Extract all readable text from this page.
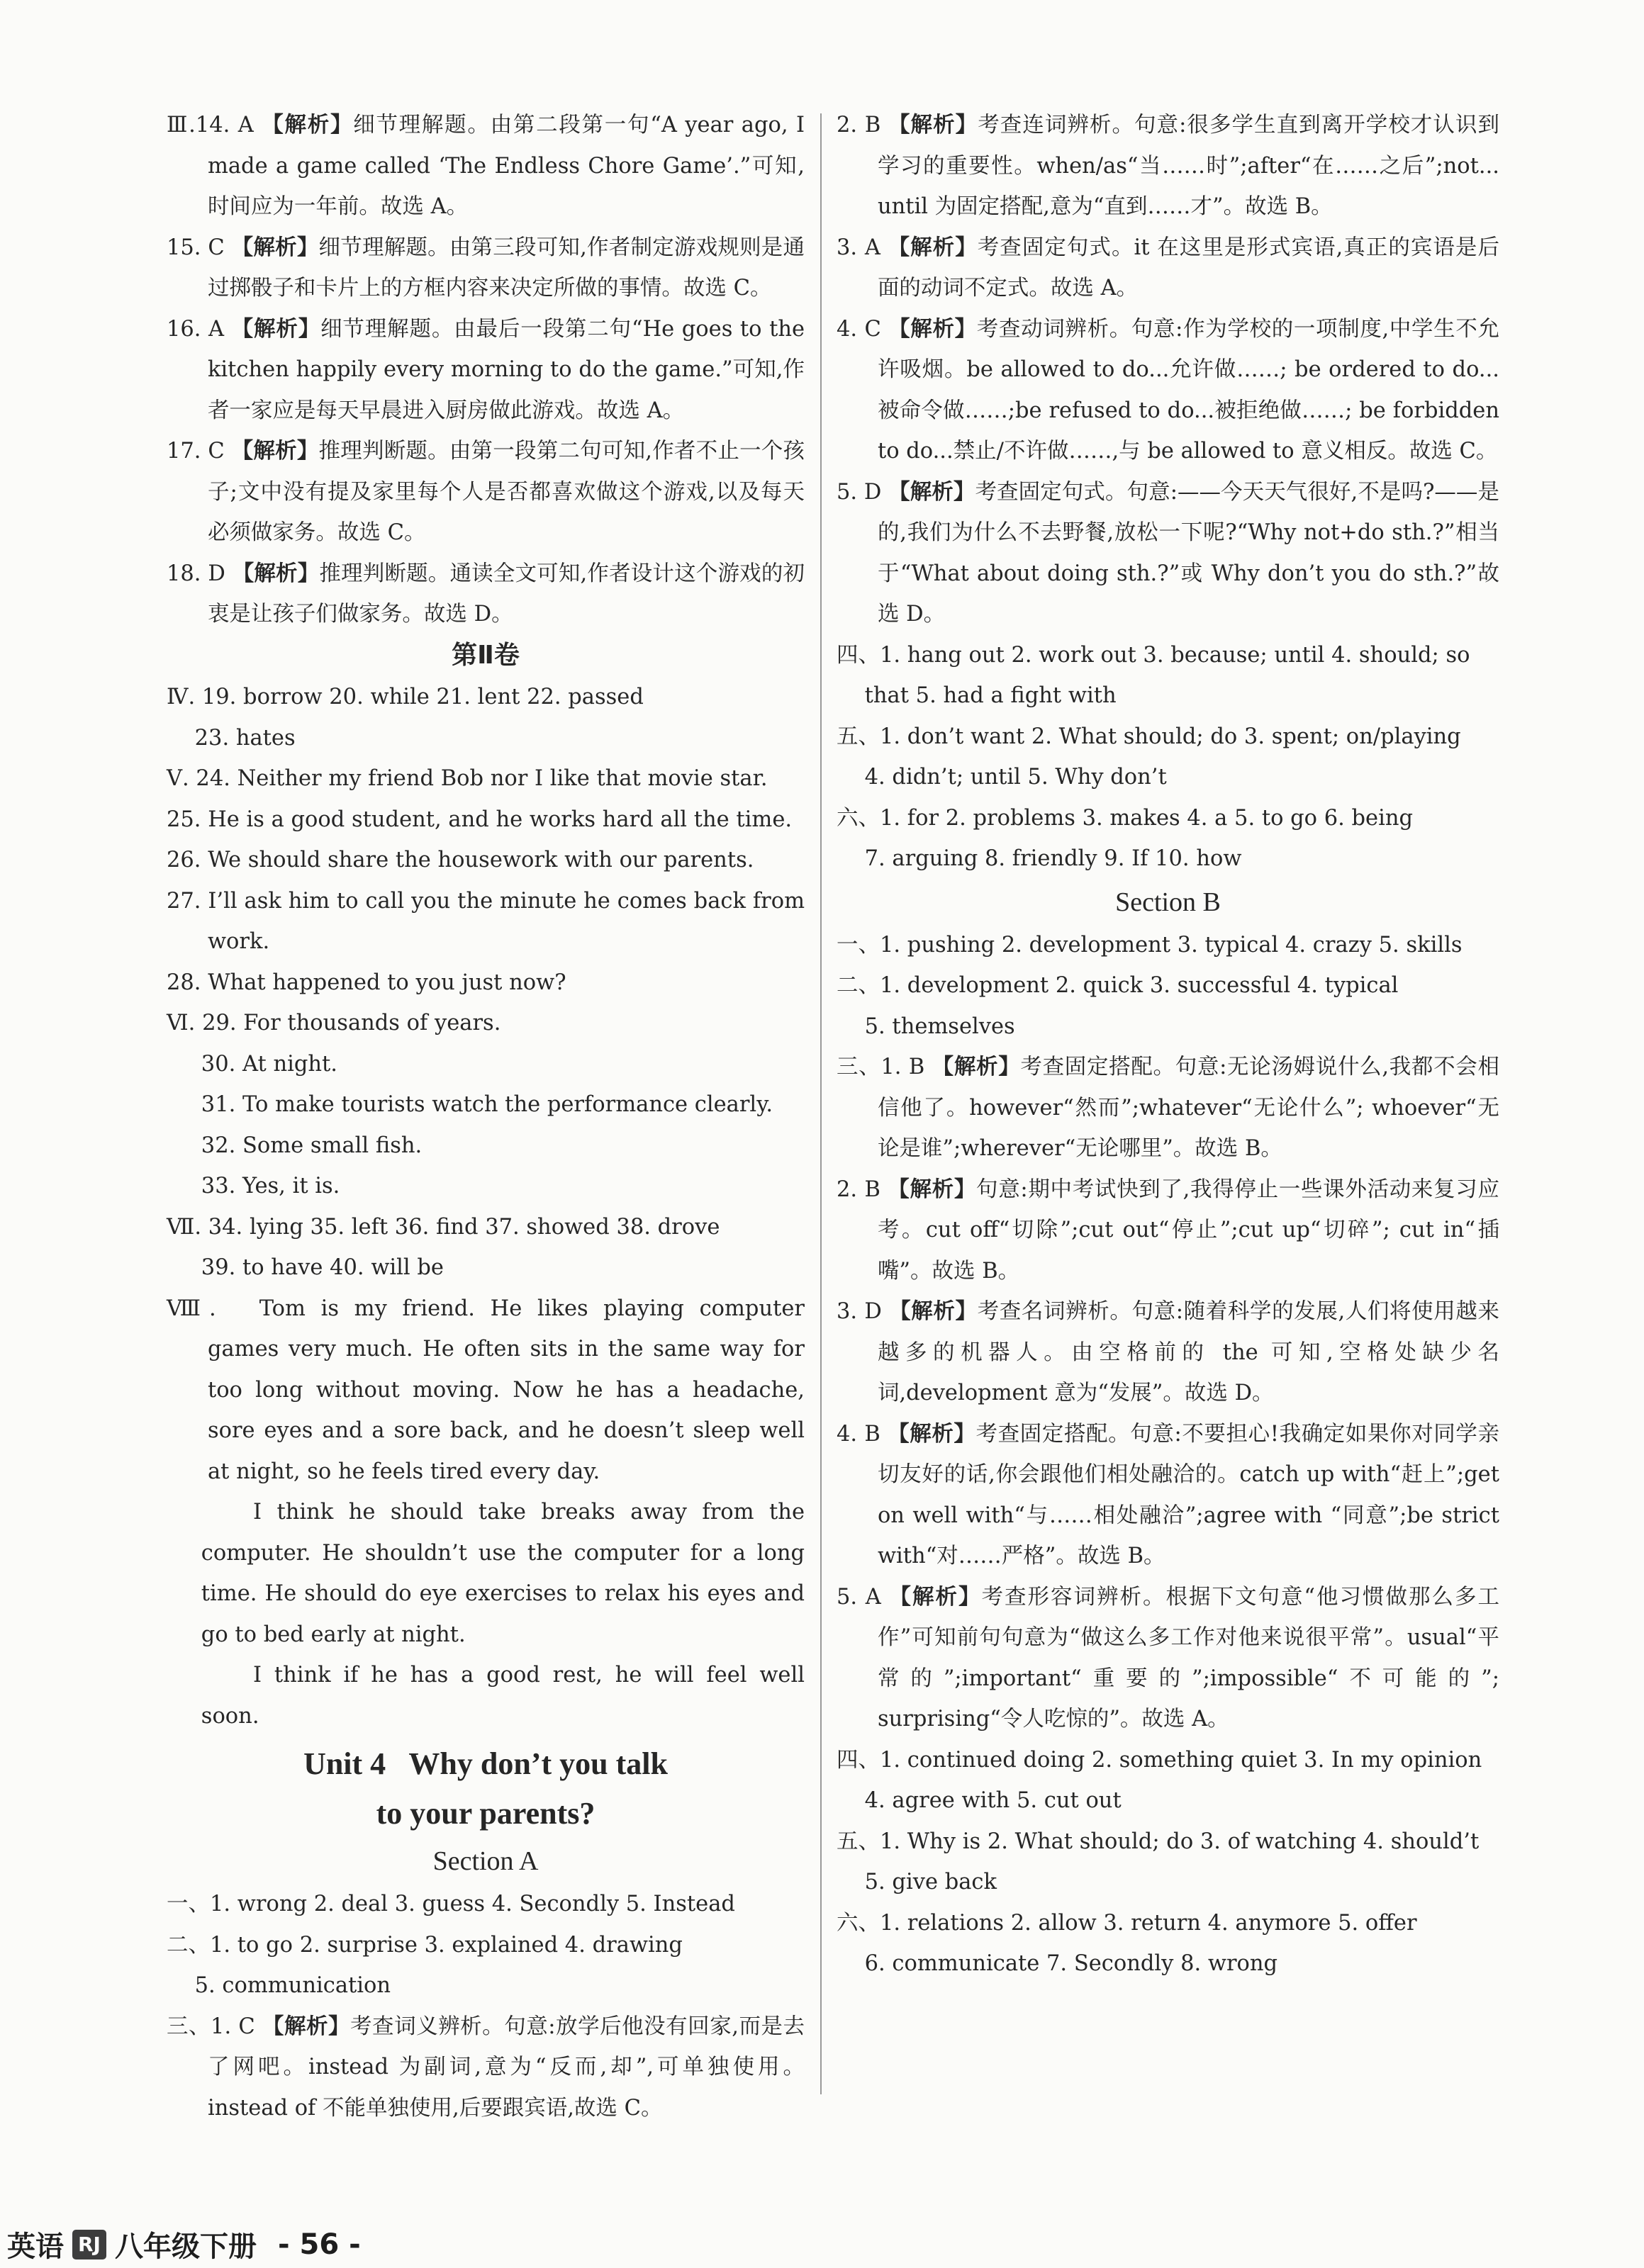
Ⅲ.14. A 【解析】细节理解题。由第二段第一句“A year ago, I made a game called ‘The Endless Chore Game’.”可知,时间应为一年前。故选 A。

15. C 【解析】细节理解题。由第三段可知,作者制定游戏规则是通过掷骰子和卡片上的方框内容来决定所做的事情。故选 C。

16. A 【解析】细节理解题。由最后一段第二句“He goes to the kitchen happily every morning to do the game.”可知,作者一家应是每天早晨进入厨房做此游戏。故选 A。

17. C 【解析】推理判断题。由第一段第二句可知,作者不止一个孩子;文中没有提及家里每个人是否都喜欢做这个游戏,以及每天必须做家务。故选 C。

18. D 【解析】推理判断题。通读全文可知,作者设计这个游戏的初衷是让孩子们做家务。故选 D。

第Ⅱ卷

Ⅳ. 19. borrow 20. while 21. lent 22. passed

23. hates

Ⅴ. 24. Neither my friend Bob nor I like that movie star.

25. He is a good student, and he works hard all the time.

26. We should share the housework with our parents.

27. I’ll ask him to call you the minute he comes back from work.

28. What happened to you just now?

Ⅵ. 29. For thousands of years.

30. At night.

31. To make tourists watch the performance clearly.

32. Some small fish.

33. Yes, it is.

Ⅶ. 34. lying 35. left 36. find 37. showed 38. drove

39. to have 40. will be

Ⅷ.   Tom is my friend. He likes playing computer games very much. He often sits in the same way for too long without moving. Now he has a headache, sore eyes and a sore back, and he doesn’t sleep well at night, so he feels tired every day.

I think he should take breaks away from the computer. He shouldn’t use the computer for a long time. He should do eye exercises to relax his eyes and go to bed early at night.

I think if he has a good rest, he will feel well soon.

Unit 4   Why don’t you talk
to your parents?

Section A

一、1. wrong 2. deal 3. guess 4. Secondly 5. Instead

二、1. to go 2. surprise 3. explained 4. drawing

5. communication

三、1. C 【解析】考查词义辨析。句意:放学后他没有回家,而是去了网吧。instead 为副词,意为“反而,却”,可单独使用。instead of 不能单独使用,后要跟宾语,故选 C。

2. B 【解析】考查连词辨析。句意:很多学生直到离开学校才认识到学习的重要性。when/as“当……时”;after“在……之后”;not... until 为固定搭配,意为“直到……才”。故选 B。

3. A 【解析】考查固定句式。it 在这里是形式宾语,真正的宾语是后面的动词不定式。故选 A。

4. C 【解析】考查动词辨析。句意:作为学校的一项制度,中学生不允许吸烟。be allowed to do...允许做……; be ordered to do...被命令做……;be refused to do...被拒绝做……; be forbidden to do...禁止/不许做……,与 be allowed to 意义相反。故选 C。

5. D 【解析】考查固定句式。句意:——今天天气很好,不是吗?——是的,我们为什么不去野餐,放松一下呢?“Why not+do sth.?”相当于“What about doing sth.?”或 Why don’t you do sth.?”故选 D。

四、1. hang out 2. work out 3. because; until 4. should; so

that 5. had a fight with

五、1. don’t want 2. What should; do 3. spent; on/playing

4. didn’t; until 5. Why don’t

六、1. for 2. problems 3. makes 4. a 5. to go 6. being

7. arguing 8. friendly 9. If 10. how

Section B

一、1. pushing 2. development 3. typical 4. crazy 5. skills

二、1. development 2. quick 3. successful 4. typical

5. themselves

三、1. B 【解析】考查固定搭配。句意:无论汤姆说什么,我都不会相信他了。however“然而”;whatever“无论什么”; whoever“无论是谁”;wherever“无论哪里”。故选 B。

2. B 【解析】句意:期中考试快到了,我得停止一些课外活动来复习应考。cut off“切除”;cut out“停止”;cut up“切碎”; cut in“插嘴”。故选 B。

3. D 【解析】考查名词辨析。句意:随着科学的发展,人们将使用越来越多的机器人。由空格前的 the 可知,空格处缺少名词,development 意为“发展”。故选 D。

4. B 【解析】考查固定搭配。句意:不要担心!我确定如果你对同学亲切友好的话,你会跟他们相处融洽的。catch up with“赶上”;get on well with“与……相处融洽”;agree with “同意”;be strict with“对……严格”。故选 B。

5. A 【解析】考查形容词辨析。根据下文句意“他习惯做那么多工作”可知前句句意为“做这么多工作对他来说很平常”。usual“平常的”;important“重要的”;impossible“不可能的”; surprising“令人吃惊的”。故选 A。

四、1. continued doing 2. something quiet 3. In my opinion

4. agree with 5. cut out

五、1. Why is 2. What should; do 3. of watching 4. should’t

5. give back

六、1. relations 2. allow 3. return 4. anymore 5. offer

6. communicate 7. Secondly 8. wrong

英语 RJ 八年级下册 - 56 -
